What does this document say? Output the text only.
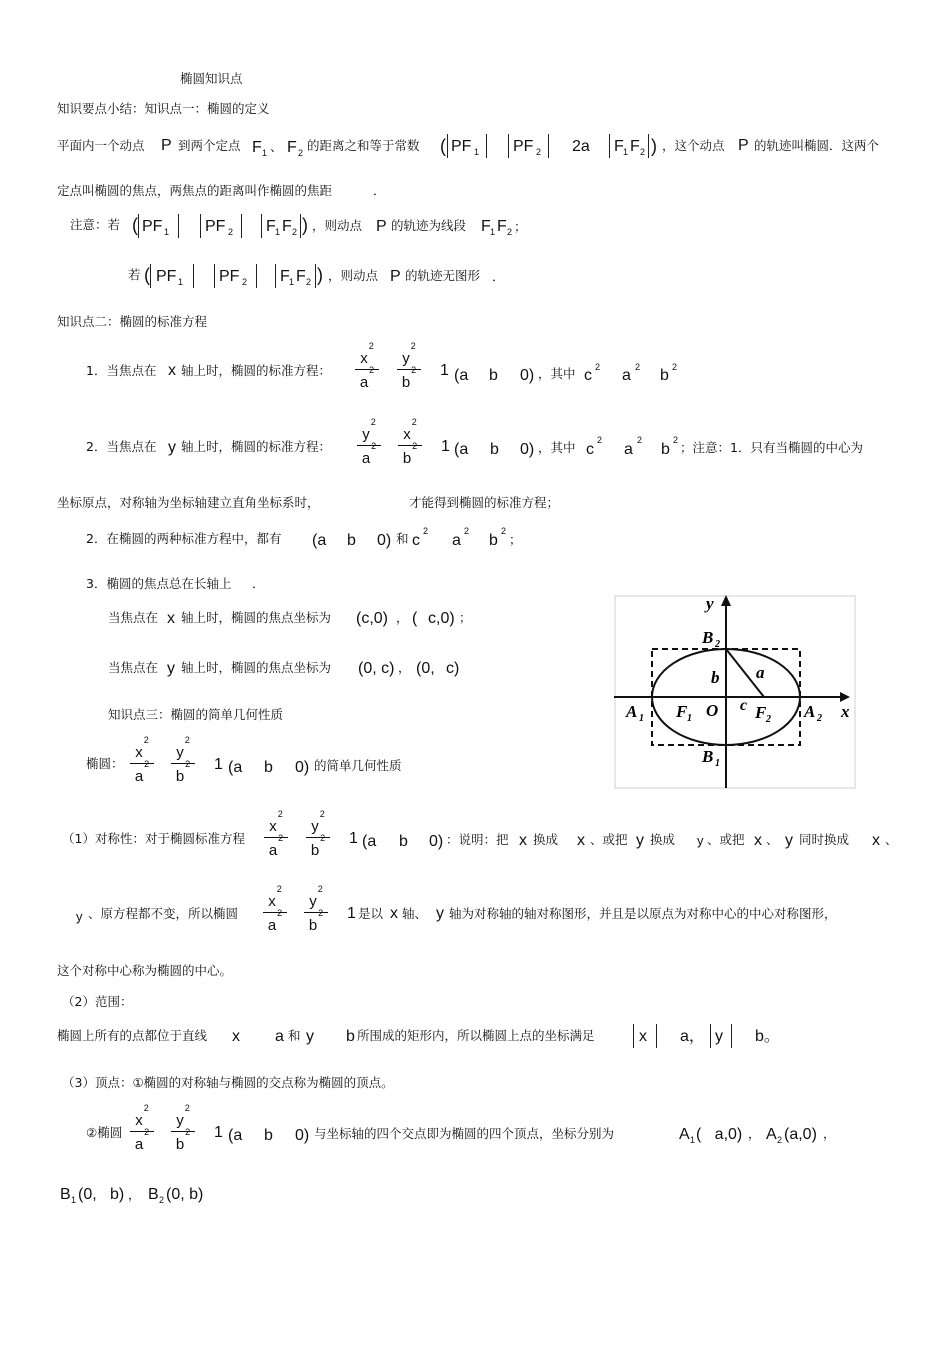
椭圆知识点
知识要点小结：知识点一：椭圆的定义
平面内一个动点 P 到两个定点 F 1 、 F 2 的距离之和等于常数 ( PF 1 PF 2 2a F 1 F 2 ) ，这个动点 P 的轨迹叫椭圆．这两个
定点叫椭圆的焦点，两焦点的距离叫作椭圆的焦距	．
注意：若 ( PF 1 PF 2 F 1 F 2 ) ，则动点 P 的轨迹为线段 F 1 F 2 ；
若 ( PF 1 PF 2 F 1 F 2 ) ，则动点 P 的轨迹无图形 ．
知识点二：椭圆的标准方程
1．当焦点在 x 轴上时，椭圆的标准方程：
$x^2$
$a^2$
$y^2$
$b^2$	1 (a b 0) ，其中 c 2 a 2 b 2
2．当焦点在 y 轴上时，椭圆的标准方程：
$y^2$
$a^2$
$x^2$
$b^2$	1 (a b 0) ，其中 c
2
a
2
b
2 ；注意：1．只有当椭圆的中心为
坐标原点，对称轴为坐标轴建立直角坐标系时，	才能得到椭圆的标准方程；
2．在椭圆的两种标准方程中，都有 (a b 0) 和 c
2
a
2
b
2
；
3．椭圆的焦点总在长轴上 ．
当焦点在 x 轴上时，椭圆的焦点坐标为 (c,0) ， ( c,0) ；
当焦点在 y 轴上时，椭圆的焦点坐标为 (0, c) ， (0, c)
知识点三：椭圆的简单几何性质
椭圆：
$x^2$
$a^2$
$y^2$
$b^2$	1 (a b 0) 的简单几何性质
y
x
B 2
B 1
b a
A 1 F 1 O c F 2 A 2
（1）对称性：对于椭圆标准方程
$x^2$
$a^2$
$y^2$
$b^2$	1 (a b 0) ：说明：把 x 换成 x 、或把 y 换成 y 、或把 x 、 y 同时换成 x 、
y 、原方程都不变，所以椭圆
$x^2$
$a^2$
$y^2$
$b^2$	1 是以 x 轴、 y 轴为对称轴的轴对称图形，并且是以原点为对称中心的中心对称图形，
这个对称中心称为椭圆的中心。
（2）范围：
椭圆上所有的点都位于直线 x a 和 y b 所围成的矩形内，所以椭圆上点的坐标满足	x a， y b。
（3）顶点：①椭圆的对称轴与椭圆的交点称为椭圆的顶点。
②椭圆
$x^2$
$a^2$
$y^2$
$b^2$	1 (a b 0) 与坐标轴的四个交点即为椭圆的四个顶点，坐标分别为	A 1 (   a,0) ， A 2 (a,0) ，
B 1 (0,   b) ， B 2 (0, b)
